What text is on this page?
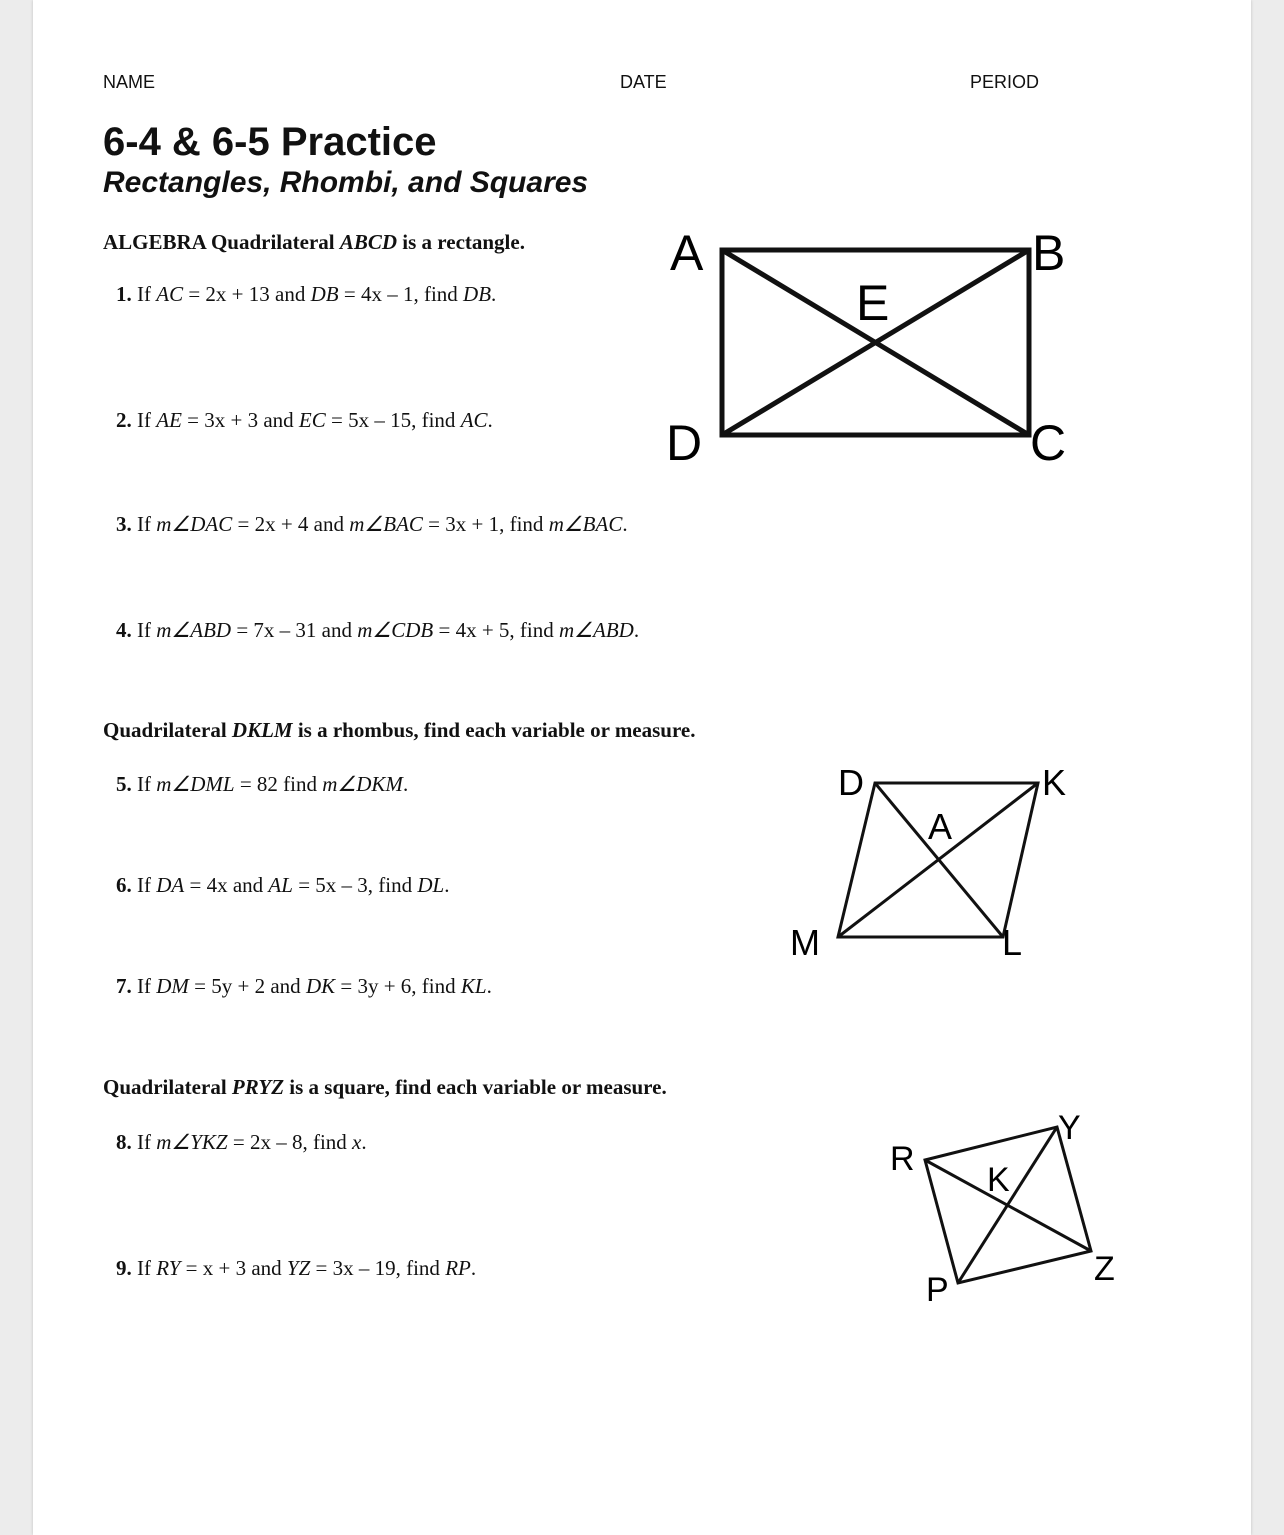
NAME	DATE	PERIOD
6-4 & 6-5 Practice
Rectangles, Rhombi, and Squares
ALGEBRA Quadrilateral ABCD is a rectangle.
1. If AC = 2x + 13 and DB = 4x – 1, find DB.
2. If AE = 3x + 3 and EC = 5x – 15, find AC.
3. If m∠DAC = 2x + 4 and m∠BAC = 3x + 1, find m∠BAC.
4. If m∠ABD = 7x – 31 and m∠CDB = 4x + 5, find m∠ABD.
A	B
C
D
E
Quadrilateral DKLM is a rhombus, find each variable or measure.
5. If m∠DML = 82 find m∠DKM.
6. If DA = 4x and AL = 5x – 3, find DL.
7. If DM = 5y + 2 and DK = 3y + 6, find KL.
D	K
L
M
A
Quadrilateral PRYZ is a square, find each variable or measure.
8. If m∠YKZ = 2x – 8, find x.
9. If RY = x + 3 and YZ = 3x – 19, find RP.
R
Y
Z
P
K
